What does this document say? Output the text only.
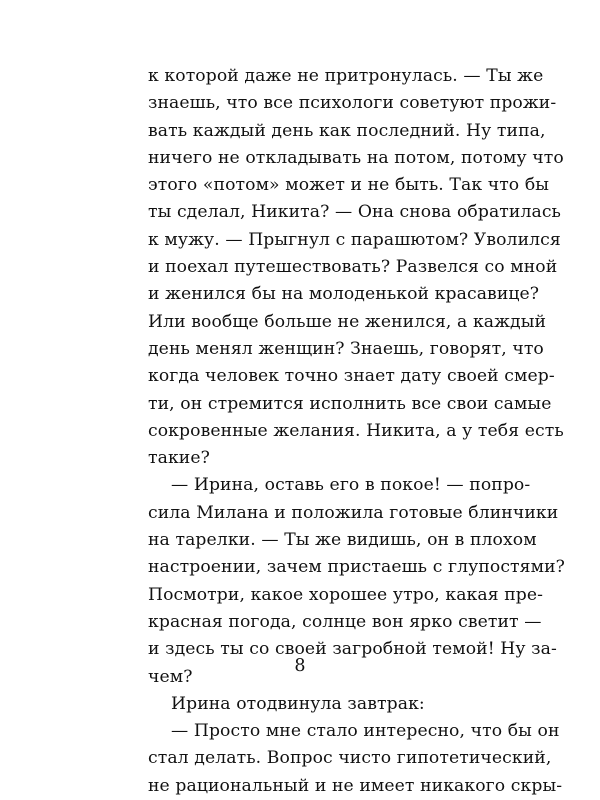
к которой даже не притронулась. — Ты же
знаешь, что все психологи советуют прожи-
вать каждый день как последний. Ну типа,
ничего не откладывать на потом, потому что
этого «потом» может и не быть. Так что бы
ты сделал, Никита? — Она снова обратилась
к мужу. — Прыгнул с парашютом? Уволился
и поехал путешествовать? Развелся со мной
и женился бы на молоденькой красавице?
Или вообще больше не женился, а каждый
день менял женщин? Знаешь, говорят, что
когда человек точно знает дату своей смер-
ти, он стремится исполнить все свои самые
сокровенные желания. Никита, а у тебя есть
такие?
— Ирина, оставь его в покое! — попро-
сила Милана и положила готовые блинчики
на тарелки. — Ты же видишь, он в плохом
настроении, зачем пристаешь с глупостями?
Посмотри, какое хорошее утро, какая пре-
красная погода, солнце вон ярко светит —
и здесь ты со своей загробной темой! Ну за-
чем?
Ирина отодвинула завтрак:
— Просто мне стало интересно, что бы он
стал делать. Вопрос чисто гипотетический,
не рациональный и не имеет никакого скры-
8
